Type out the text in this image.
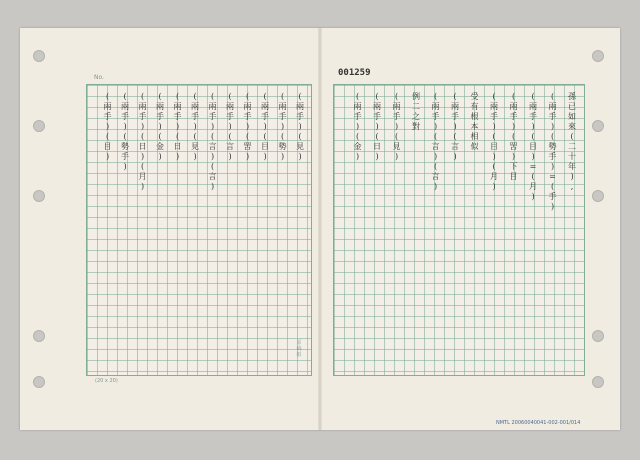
No.	001259
孫
已
如
來
(
二
十
年
)
,
(
兩
手
)
(
勢
手
)
=
(
手
)
(
兩
手
)
(
目
)
=
(
月
)
(
兩
手
)
(
罟
)
下
目
(
兩
手
)
(
目
)
(
月
)
受
有
根
本
相
似
(
兩
手
)
(
言
)
(
兩
手
)
(
言
)
(
言
)
例
二
之
對
(
兩
手
)
(
見
)
(
兩
手
)
(
日
)
(
兩
手
)
(
金
)
(
兩
手
)
(
見
)
(
兩
手
)
(
勢
)
(
兩
手
)
(
目
)
(
兩
手
)
(
罟
)
(
兩
手
)
(
言
)
(
兩
手
)
(
言
)
(
言
)
(
兩
手
)
(
見
)
(
兩
手
)
(
日
)
(
兩
手
)
(
金
)
(
兩
手
)
(
日
)
(
月
)
(
兩
手
)
(
勢
手
)
(
兩
手
)
(
目
)
(20 x 20)
原稿紙
NMTL 20060040041-002-001/014
